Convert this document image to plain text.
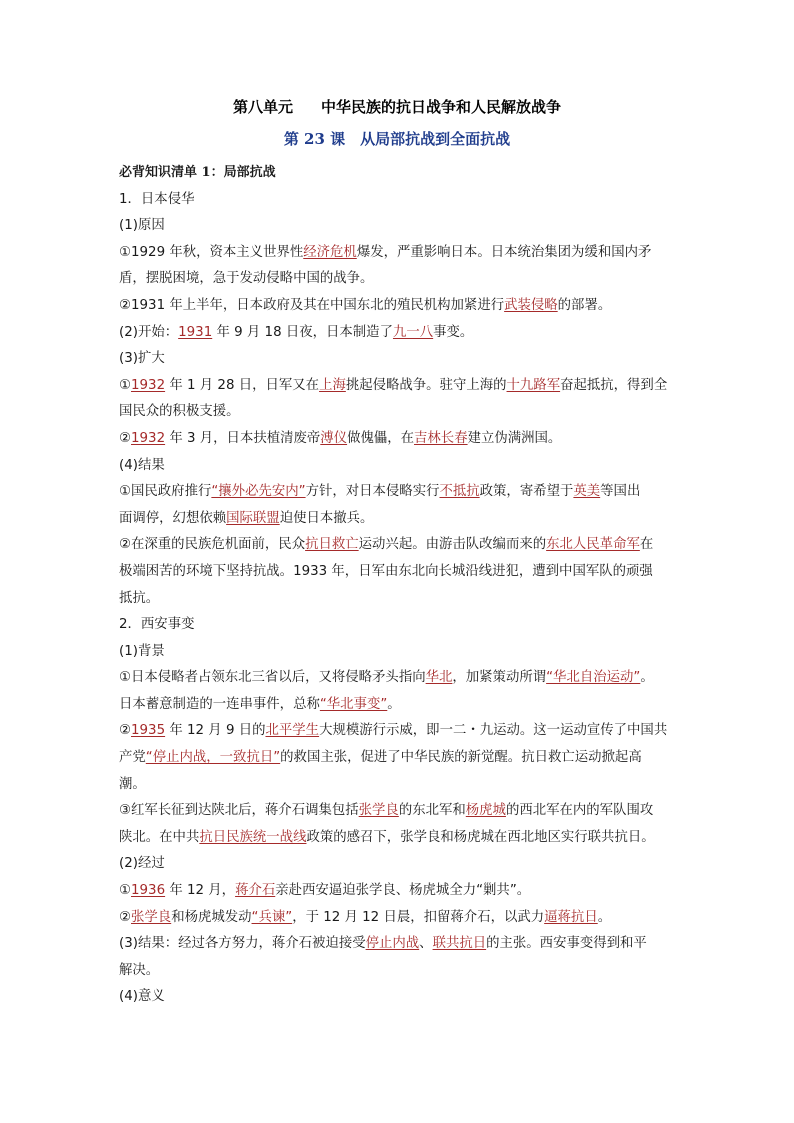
第八单元 中华民族的抗日战争和人民解放战争
第 23 课　从局部抗战到全面抗战

必背知识清单 1：局部抗战

1．日本侵华

(1)原因

①1929 年秋，资本主义世界性经济危机爆发，严重影响日本。日本统治集团为缓和国内矛

盾，摆脱困境，急于发动侵略中国的战争。

②1931 年上半年，日本政府及其在中国东北的殖民机构加紧进行武装侵略的部署。

(2)开始：1931 年 9 月 18 日夜，日本制造了九一八事变。

(3)扩大

①1932 年 1 月 28 日，日军又在上海挑起侵略战争。驻守上海的十九路军奋起抵抗，得到全

国民众的积极支援。

②1932 年 3 月，日本扶植清废帝溥仪做傀儡，在吉林长春建立伪满洲国。

(4)结果

①国民政府推行“攘外必先安内”方针，对日本侵略实行不抵抗政策，寄希望于英美等国出

面调停，幻想依赖国际联盟迫使日本撤兵。

②在深重的民族危机面前，民众抗日救亡运动兴起。由游击队改编而来的东北人民革命军在

极端困苦的环境下坚持抗战。1933 年，日军由东北向长城沿线进犯，遭到中国军队的顽强

抵抗。

2．西安事变

(1)背景

①日本侵略者占领东北三省以后，又将侵略矛头指向华北，加紧策动所谓“华北自治运动”。

日本蓄意制造的一连串事件，总称“华北事变”。

②1935 年 12 月 9 日的北平学生大规模游行示威，即一二・九运动。这一运动宣传了中国共

产党“停止内战，一致抗日”的救国主张，促进了中华民族的新觉醒。抗日救亡运动掀起高

潮。

③红军长征到达陕北后，蒋介石调集包括张学良的东北军和杨虎城的西北军在内的军队围攻

陕北。在中共抗日民族统一战线政策的感召下，张学良和杨虎城在西北地区实行联共抗日。

(2)经过

①1936 年 12 月，蒋介石亲赴西安逼迫张学良、杨虎城全力“剿共”。

②张学良和杨虎城发动“兵谏”，于 12 月 12 日晨，扣留蒋介石，以武力逼蒋抗日。

(3)结果：经过各方努力，蒋介石被迫接受停止内战、联共抗日的主张。西安事变得到和平

解决。

(4)意义
